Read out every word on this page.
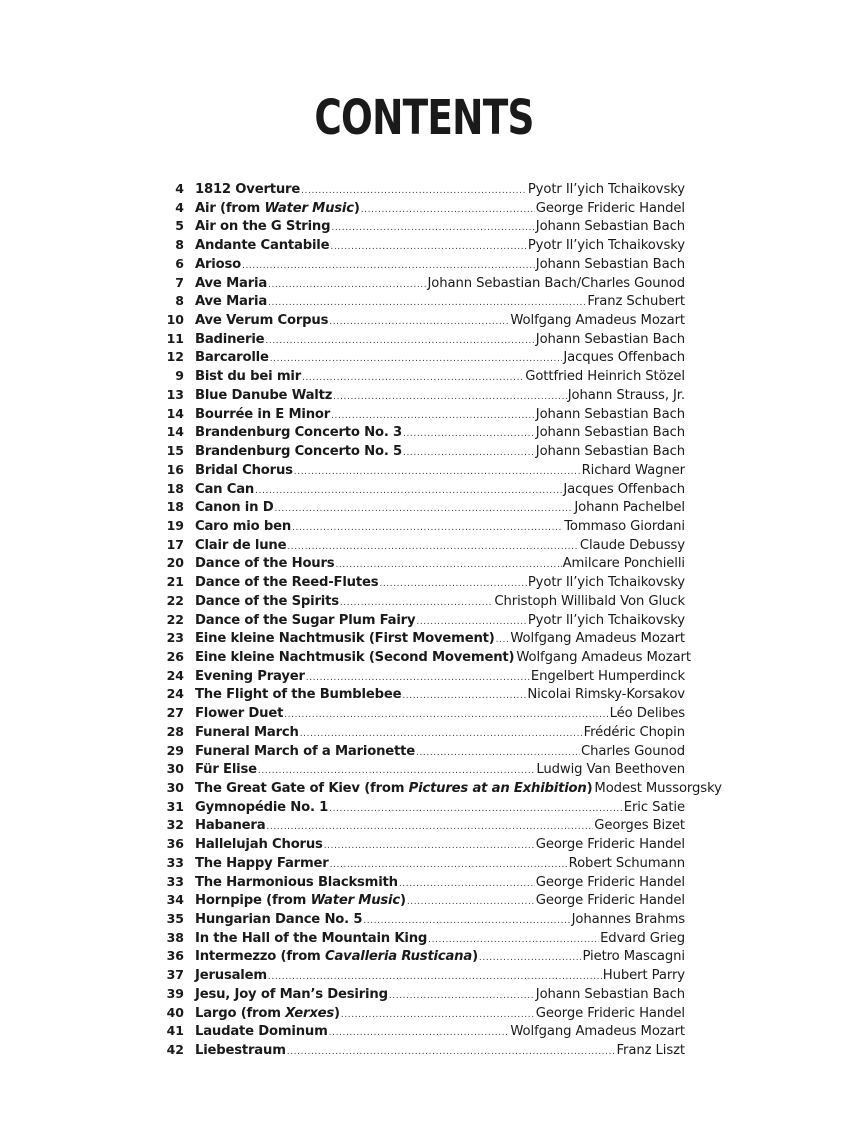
CONTENTS
4 1812 Overture .....	Pyotr Il’yich Tchaikovsky
4 Air (from Water Music) .....	George Frideric Handel
5 Air on the G String .....	Johann Sebastian Bach
8 Andante Cantabile .....	Pyotr Il’yich Tchaikovsky
6 Arioso .....	Johann Sebastian Bach
7 Ave Maria .....	Johann Sebastian Bach/Charles Gounod
8 Ave Maria .....	Franz Schubert
10 Ave Verum Corpus .....	Wolfgang Amadeus Mozart
11 Badinerie .....	Johann Sebastian Bach
12 Barcarolle .....	Jacques Offenbach
9 Bist du bei mir .....	Gottfried Heinrich Stözel
13 Blue Danube Waltz .....	Johann Strauss, Jr.
14 Bourrée in E Minor .....	Johann Sebastian Bach
14 Brandenburg Concerto No. 3 .....	Johann Sebastian Bach
15 Brandenburg Concerto No. 5 .....	Johann Sebastian Bach
16 Bridal Chorus .....	Richard Wagner
18 Can Can .....	Jacques Offenbach
18 Canon in D .....	Johann Pachelbel
19 Caro mio ben .....	Tommaso Giordani
17 Clair de lune .....	Claude Debussy
20 Dance of the Hours .....	Amilcare Ponchielli
21 Dance of the Reed-Flutes .....	Pyotr Il’yich Tchaikovsky
22 Dance of the Spirits .....	Christoph Willibald Von Gluck
22 Dance of the Sugar Plum Fairy .....	Pyotr Il’yich Tchaikovsky
23 Eine kleine Nachtmusik (First Movement) ..... Wolfgang Amadeus Mozart
26 Eine kleine Nachtmusik (Second Movement) Wolfgang Amadeus Mozart
24 Evening Prayer .....	Engelbert Humperdinck
24 The Flight of the Bumblebee .....	Nicolai Rimsky-Korsakov
27 Flower Duet .....	Léo Delibes
28 Funeral March .....	Frédéric Chopin
29 Funeral March of a Marionette .....	Charles Gounod
30 Für Elise .....	Ludwig Van Beethoven
30 The Great Gate of Kiev (from Pictures at an Exhibition) Modest Mussorgsky
31 Gymnopédie No. 1 .....	Eric Satie
32 Habanera .....	Georges Bizet
36 Hallelujah Chorus .....	George Frideric Handel
33 The Happy Farmer .....	Robert Schumann
33 The Harmonious Blacksmith .....	George Frideric Handel
34 Hornpipe (from Water Music) .....	George Frideric Handel
35 Hungarian Dance No. 5 .....	Johannes Brahms
38 In the Hall of the Mountain King .....	Edvard Grieg
36 Intermezzo (from Cavalleria Rusticana) .....	Pietro Mascagni
37 Jerusalem .....	Hubert Parry
39 Jesu, Joy of Man’s Desiring .....	Johann Sebastian Bach
40 Largo (from Xerxes) .....	George Frideric Handel
41 Laudate Dominum .....	Wolfgang Amadeus Mozart
42 Liebestraum .....	Franz Liszt
